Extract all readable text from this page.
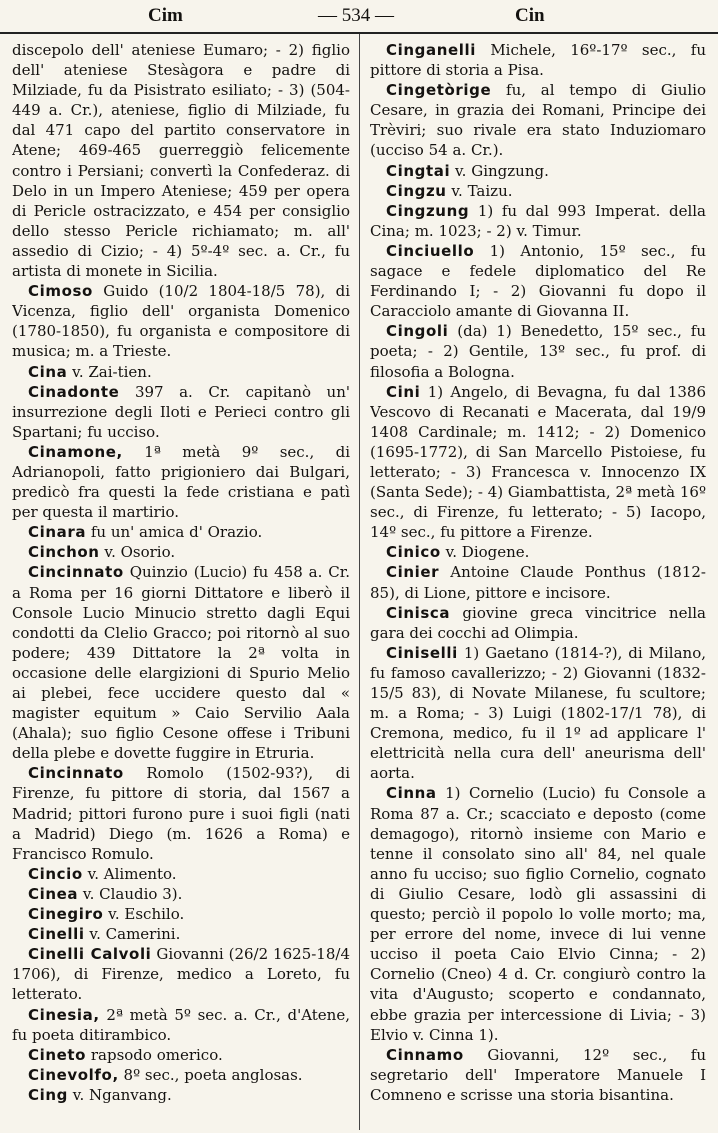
Cim	— 534 —	Cin

discepolo dell' ateniese Eumaro; - 2) figlio dell' ateniese Stesàgora e padre di Milziade, fu da Pisistrato esiliato; - 3) (504-449 a. Cr.), ateniese, figlio di Milziade, fu dal 471 capo del partito conservatore in Atene; 469-465 guerreggiò felicemente contro i Persiani; convertì la Confederaz. di Delo in un Impero Ateniese; 459 per opera di Pericle ostracizzato, e 454 per consiglio dello stesso Pericle richiamato; m. all' assedio di Cizio; - 4) 5º-4º sec. a. Cr., fu artista di monete in Sicilia.

Cimoso Guido (10/2 1804-18/5 78), di Vicenza, figlio dell' organista Domenico (1780-1850), fu organista e compositore di musica; m. a Trieste.

Cina v. Zai-tien.

Cinadonte 397 a. Cr. capitanò un' insurrezione degli Iloti e Perieci contro gli Spartani; fu ucciso.

Cinamone, 1ª metà 9º sec., di Adrianopoli, fatto prigioniero dai Bulgari, predicò fra questi la fede cristiana e patì per questa il martirio.

Cinara fu un' amica d' Orazio.

Cinchon v. Osorio.

Cincinnato Quinzio (Lucio) fu 458 a. Cr. a Roma per 16 giorni Dittatore e liberò il Console Lucio Minucio stretto dagli Equi condotti da Clelio Gracco; poi ritornò al suo podere; 439 Dittatore la 2ª volta in occasione delle elargizioni di Spurio Melio ai plebei, fece uccidere questo dal « magister equitum » Caio Servilio Aala (Ahala); suo figlio Cesone offese i Tribuni della plebe e dovette fuggire in Etruria.

Cincinnato Romolo (1502-93?), di Firenze, fu pittore di storia, dal 1567 a Madrid; pittori furono pure i suoi figli (nati a Madrid) Diego (m. 1626 a Roma) e Francisco Romulo.

Cincio v. Alimento.

Cinea v. Claudio 3).

Cinegiro v. Eschilo.

Cinelli v. Camerini.

Cinelli Calvoli Giovanni (26/2 1625-18/4 1706), di Firenze, medico a Loreto, fu letterato.

Cinesia, 2ª metà 5º sec. a. Cr., d'Atene, fu poeta ditirambico.

Cineto rapsodo omerico.

Cinevolfo, 8º sec., poeta anglosas.

Cing v. Nganvang.

Cinganelli Michele, 16º-17º sec., fu pittore di storia a Pisa.

Cingetòrige fu, al tempo di Giulio Cesare, in grazia dei Romani, Principe dei Trèviri; suo rivale era stato Induziomaro (ucciso 54 a. Cr.).

Cingtai v. Gingzung.

Cingzu v. Taizu.

Cingzung 1) fu dal 993 Imperat. della Cina; m. 1023; - 2) v. Timur.

Cinciuello 1) Antonio, 15º sec., fu sagace e fedele diplomatico del Re Ferdinando I; - 2) Giovanni fu dopo il Caracciolo amante di Giovanna II.

Cingoli (da) 1) Benedetto, 15º sec., fu poeta; - 2) Gentile, 13º sec., fu prof. di filosofia a Bologna.

Cini 1) Angelo, di Bevagna, fu dal 1386 Vescovo di Recanati e Macerata, dal 19/9 1408 Cardinale; m. 1412; - 2) Domenico (1695-1772), di San Marcello Pistoiese, fu letterato; - 3) Francesca v. Innocenzo IX (Santa Sede); - 4) Giambattista, 2ª metà 16º sec., di Firenze, fu letterato; - 5) Iacopo, 14º sec., fu pittore a Firenze.

Cinico v. Diogene.

Cinier Antoine Claude Ponthus (1812-85), di Lione, pittore e incisore.

Cinisca giovine greca vincitrice nella gara dei cocchi ad Olimpia.

Ciniselli 1) Gaetano (1814-?), di Milano, fu famoso cavallerizzo; - 2) Giovanni (1832-15/5 83), di Novate Milanese, fu scultore; m. a Roma; - 3) Luigi (1802-17/1 78), di Cremona, medico, fu il 1º ad applicare l' elettricità nella cura dell' aneurisma dell' aorta.

Cinna 1) Cornelio (Lucio) fu Console a Roma 87 a. Cr.; scacciato e deposto (come demagogo), ritornò insieme con Mario e tenne il consolato sino all' 84, nel quale anno fu ucciso; suo figlio Cornelio, cognato di Giulio Cesare, lodò gli assassini di questo; perciò il popolo lo volle morto; ma, per errore del nome, invece di lui venne ucciso il poeta Caio Elvio Cinna; - 2) Cornelio (Cneo) 4 d. Cr. congiurò contro la vita d'Augusto; scoperto e condannato, ebbe grazia per intercessione di Livia; - 3) Elvio v. Cinna 1).

Cinnamo Giovanni, 12º sec., fu segretario dell' Imperatore Manuele I Comneno e scrisse una storia bisantina.
